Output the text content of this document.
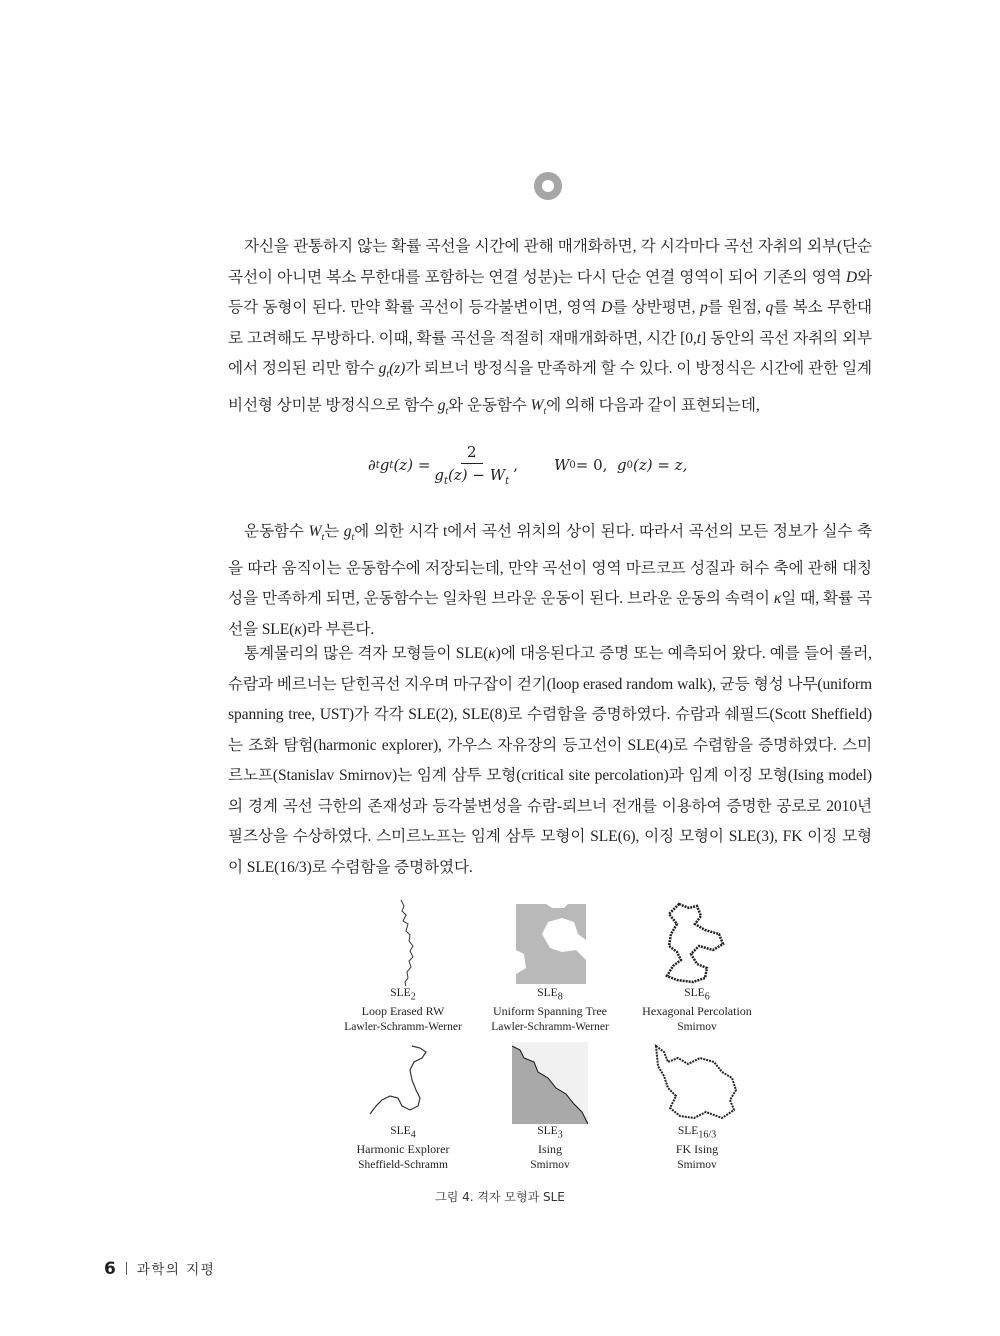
자신을 관통하지 않는 확률 곡선을 시간에 관해 매개화하면, 각 시각마다 곡선 자취의 외부(단순 곡선이 아니면 복소 무한대를 포함하는 연결 성분)는 다시 단순 연결 영역이 되어 기존의 영역 D와 등각 동형이 된다. 만약 확률 곡선이 등각불변이면, 영역 D를 상반평면, p를 원점, q를 복소 무한대로 고려해도 무방하다. 이때, 확률 곡선을 적절히 재매개화하면, 시간 [0,t] 동안의 곡선 자취의 외부에서 정의된 리만 함수 $g_t(z)$가 뢰브너 방정식을 만족하게 할 수 있다. 이 방정식은 시간에 관한 일계 비선형 상미분 방정식으로 함수 $g_t$와 운동함수 $W_t$에 의해 다음과 같이 표현되는데,

∂ t g t $(z) = \frac{2}{g_t(z) - W_t}$ , W 0 = 0,
g 0 (z) = z,

운동함수 $W_t$는 $g_t$에 의한 시각 t에서 곡선 위치의 상이 된다. 따라서 곡선의 모든 정보가 실수 축을 따라 움직이는 운동함수에 저장되는데, 만약 곡선이 영역 마르코프 성질과 허수 축에 관해 대칭성을 만족하게 되면, 운동함수는 일차원 브라운 운동이 된다. 브라운 운동의 속력이 κ일 때, 확률 곡선을 SLE(κ)라 부른다.

통계물리의 많은 격자 모형들이 SLE(κ)에 대응된다고 증명 또는 예측되어 왔다. 예를 들어 롤러, 슈람과 베르너는 닫힌곡선 지우며 마구잡이 걷기(loop erased random walk), 균등 형성 나무(uniform spanning tree, UST)가 각각 SLE(2), SLE(8)로 수렴함을 증명하였다. 슈람과 쉐필드(Scott Sheffield)는 조화 탐험(harmonic explorer), 가우스 자유장의 등고선이 SLE(4)로 수렴함을 증명하였다. 스미르노프(Stanislav Smirnov)는 임계 삼투 모형(critical site percolation)과 임계 이징 모형(Ising model)의 경계 곡선 극한의 존재성과 등각불변성을 슈람-뢰브너 전개를 이용하여 증명한 공로로 2010년 필즈상을 수상하였다. 스미르노프는 임계 삼투 모형이 SLE(6), 이징 모형이 SLE(3), FK 이징 모형이 SLE(16/3)로 수렴함을 증명하였다.

$SLE_2$
Loop Erased RW
Lawler-Schramm-Werner
$SLE_8$
Uniform Spanning Tree
Lawler-Schramm-Werner
$SLE_6$
Hexagonal Percolation
Smirnov
$SLE_4$
Harmonic Explorer
Sheffield-Schramm
$SLE_3$
Ising
Smirnov
$SLE_{16/3}$
FK Ising
Smirnov
그림 4. 격자 모형과 SLE
6 과학의 지평
